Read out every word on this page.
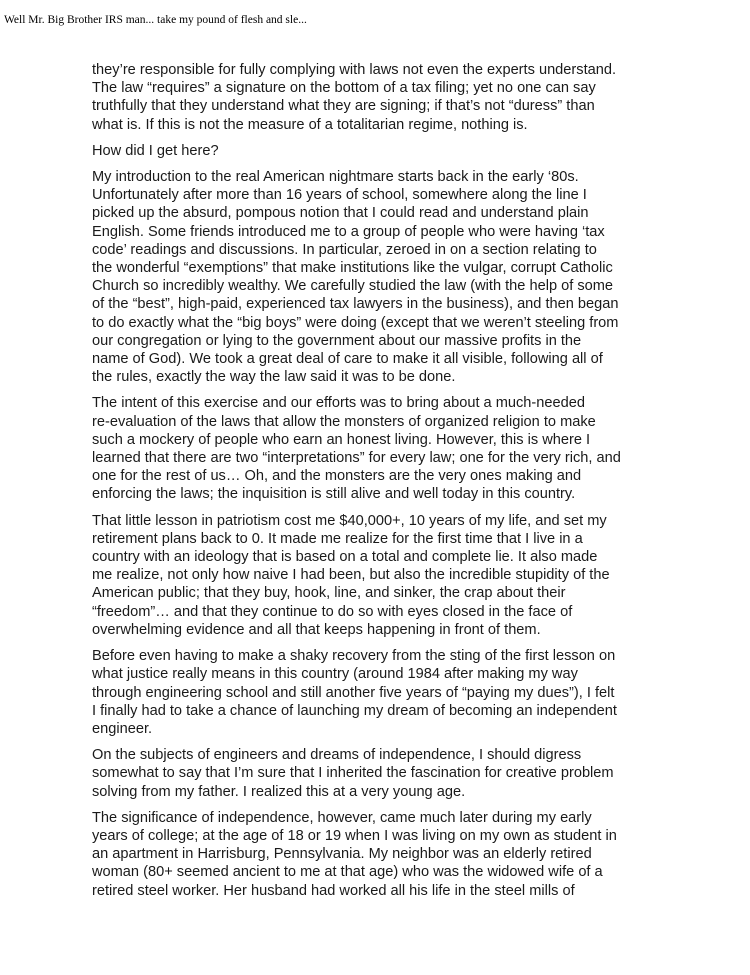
Well Mr. Big Brother IRS man... take my pound of flesh and sle...

they’re responsible for fully complying with laws not even the experts understand.
The law “requires” a signature on the bottom of a tax filing; yet no one can say
truthfully that they understand what they are signing; if that’s not “duress” than
what is. If this is not the measure of a totalitarian regime, nothing is.

How did I get here?

My introduction to the real American nightmare starts back in the early ‘80s.
Unfortunately after more than 16 years of school, somewhere along the line I
picked up the absurd, pompous notion that I could read and understand plain
English. Some friends introduced me to a group of people who were having ‘tax
code’ readings and discussions. In particular, zeroed in on a section relating to
the wonderful “exemptions” that make institutions like the vulgar, corrupt Catholic
Church so incredibly wealthy. We carefully studied the law (with the help of some
of the “best”, high-paid, experienced tax lawyers in the business), and then began
to do exactly what the “big boys” were doing (except that we weren’t steeling from
our congregation or lying to the government about our massive profits in the
name of God). We took a great deal of care to make it all visible, following all of
the rules, exactly the way the law said it was to be done.

The intent of this exercise and our efforts was to bring about a much-needed
re-evaluation of the laws that allow the monsters of organized religion to make
such a mockery of people who earn an honest living. However, this is where I
learned that there are two “interpretations” for every law; one for the very rich, and
one for the rest of us… Oh, and the monsters are the very ones making and
enforcing the laws; the inquisition is still alive and well today in this country.

That little lesson in patriotism cost me $40,000+, 10 years of my life, and set my
retirement plans back to 0. It made me realize for the first time that I live in a
country with an ideology that is based on a total and complete lie. It also made
me realize, not only how naive I had been, but also the incredible stupidity of the
American public; that they buy, hook, line, and sinker, the crap about their
“freedom”… and that they continue to do so with eyes closed in the face of
overwhelming evidence and all that keeps happening in front of them.

Before even having to make a shaky recovery from the sting of the first lesson on
what justice really means in this country (around 1984 after making my way
through engineering school and still another five years of “paying my dues”), I felt
I finally had to take a chance of launching my dream of becoming an independent
engineer.

On the subjects of engineers and dreams of independence, I should digress
somewhat to say that I’m sure that I inherited the fascination for creative problem
solving from my father. I realized this at a very young age.

The significance of independence, however, came much later during my early
years of college; at the age of 18 or 19 when I was living on my own as student in
an apartment in Harrisburg, Pennsylvania. My neighbor was an elderly retired
woman (80+ seemed ancient to me at that age) who was the widowed wife of a
retired steel worker. Her husband had worked all his life in the steel mills of
